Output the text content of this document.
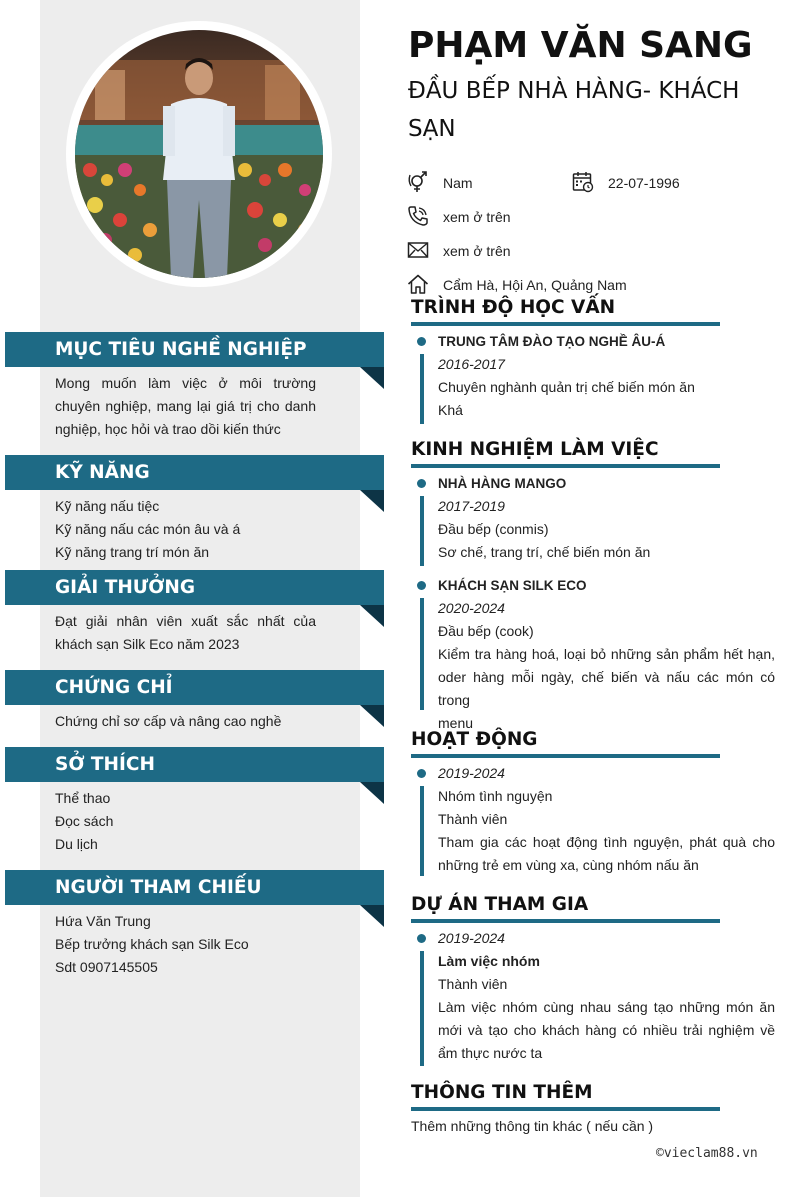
MỤC TIÊU NGHỀ NGHIỆP
Mong muốn làm việc ở môi trường
chuyên nghiệp, mang lại giá trị cho danh
nghiệp, học hỏi và trao dồi kiến thức
KỸ NĂNG
Kỹ năng nấu tiệc
Kỹ năng nấu các món âu và á
Kỹ năng trang trí món ăn
GIẢI THƯỞNG
Đạt giải nhân viên xuất sắc nhất của
khách sạn Silk Eco năm 2023
CHỨNG CHỈ
Chứng chỉ sơ cấp và nâng cao nghề
SỞ THÍCH
Thể thao
Đọc sách
Du lịch
NGƯỜI THAM CHIẾU
Hứa Văn Trung
Bếp trưởng khách sạn Silk Eco
Sdt 0907145505
PHẠM VĂN SANG
ĐẦU BẾP NHÀ HÀNG- KHÁCH SẠN
Nam	22-07-1996
xem ở trên
xem ở trên
Cẩm Hà, Hội An, Quảng Nam
TRÌNH ĐỘ HỌC VẤN
TRUNG TÂM ĐÀO TẠO NGHỀ ÂU-Á
2016-2017
Chuyên nghành quản trị chế biến món ăn
Khá
KINH NGHIỆM LÀM VIỆC
NHÀ HÀNG MANGO
2017-2019
Đầu bếp (conmis)
Sơ chế, trang trí, chế biến món ăn
KHÁCH SẠN SILK ECO
2020-2024
Đầu bếp (cook)
Kiểm tra hàng hoá, loại bỏ những sản phẩm hết hạn,
oder hàng mỗi ngày, chế biến và nấu các món có trong
menu
HOẠT ĐỘNG
2019-2024
Nhóm tình nguyện
Thành viên
Tham gia các hoạt động tình nguyện, phát quà cho
những trẻ em vùng xa, cùng nhóm nấu ăn
DỰ ÁN THAM GIA
2019-2024
Làm việc nhóm
Thành viên
Làm việc nhóm cùng nhau sáng tạo những món ăn
mới và tạo cho khách hàng có nhiều trải nghiệm về
ẩm thực nước ta
THÔNG TIN THÊM
Thêm những thông tin khác ( nếu cần )
©vieclam88.vn
